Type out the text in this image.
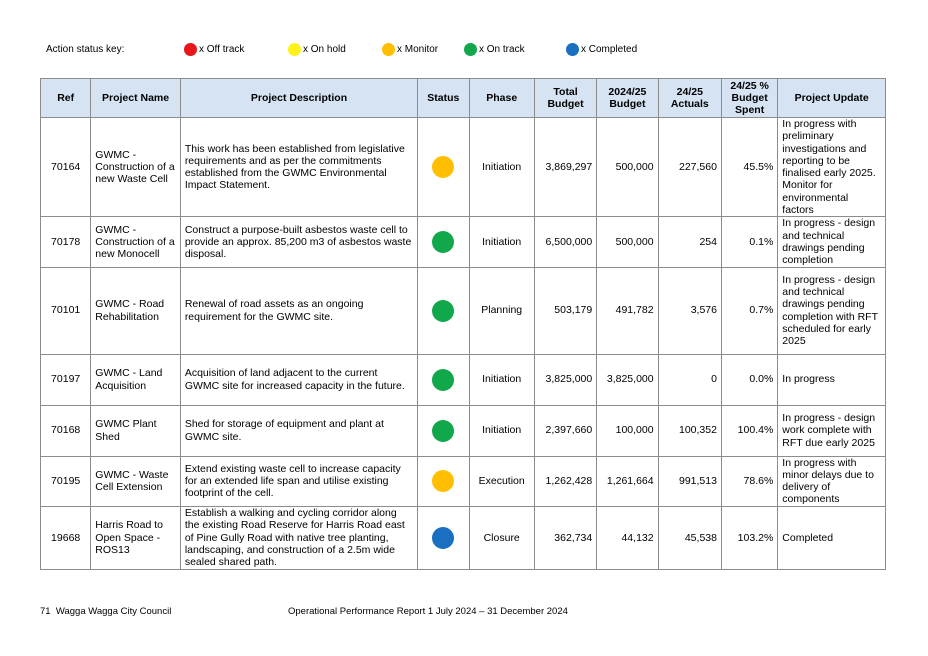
Action status key:	x Off track	x On hold	x Monitor	x On track	x Completed
Ref	Project Name	Project Description	Status	Phase	Total Budget	2024/25 Budget	24/25 Actuals	24/25 % Budget Spent	Project Update
70164	GWMC - Construction of a new Waste Cell	This work has been established from legislative requirements and as per the commitments established from the GWMC Environmental Impact Statement.		Initiation	3,869,297	500,000	227,560	45.5%	In progress with preliminary investigations and reporting to be finalised early 2025. Monitor for environmental factors
70178	GWMC - Construction of a new Monocell	Construct a purpose-built asbestos waste cell to provide an approx. 85,200 m3 of asbestos waste disposal.		Initiation	6,500,000	500,000	254	0.1%	In progress - design and technical drawings pending completion
70101	GWMC - Road Rehabilitation	Renewal of road assets as an ongoing requirement for the GWMC site.		Planning	503,179	491,782	3,576	0.7%	In progress - design and technical drawings pending completion with RFT scheduled for early 2025
70197	GWMC - Land Acquisition	Acquisition of land adjacent to the current GWMC site for increased capacity in the future.		Initiation	3,825,000	3,825,000	0	0.0%	In progress
70168	GWMC Plant Shed	Shed for storage of equipment and plant at GWMC site.		Initiation	2,397,660	100,000	100,352	100.4%	In progress - design work complete with RFT due early 2025
70195	GWMC - Waste Cell Extension	Extend existing waste cell to increase capacity for an extended life span and utilise existing footprint of the cell.		Execution	1,262,428	1,261,664	991,513	78.6%	In progress with minor delays due to delivery of components
19668	Harris Road to Open Space - ROS13	Establish a walking and cycling corridor along the existing Road Reserve for Harris Road east of Pine Gully Road with native tree planting, landscaping, and construction of a 2.5m wide sealed shared path.		Closure	362,734	44,132	45,538	103.2%	Completed
71 Wagga Wagga City Council	Operational Performance Report 1 July 2024 – 31 December 2024
